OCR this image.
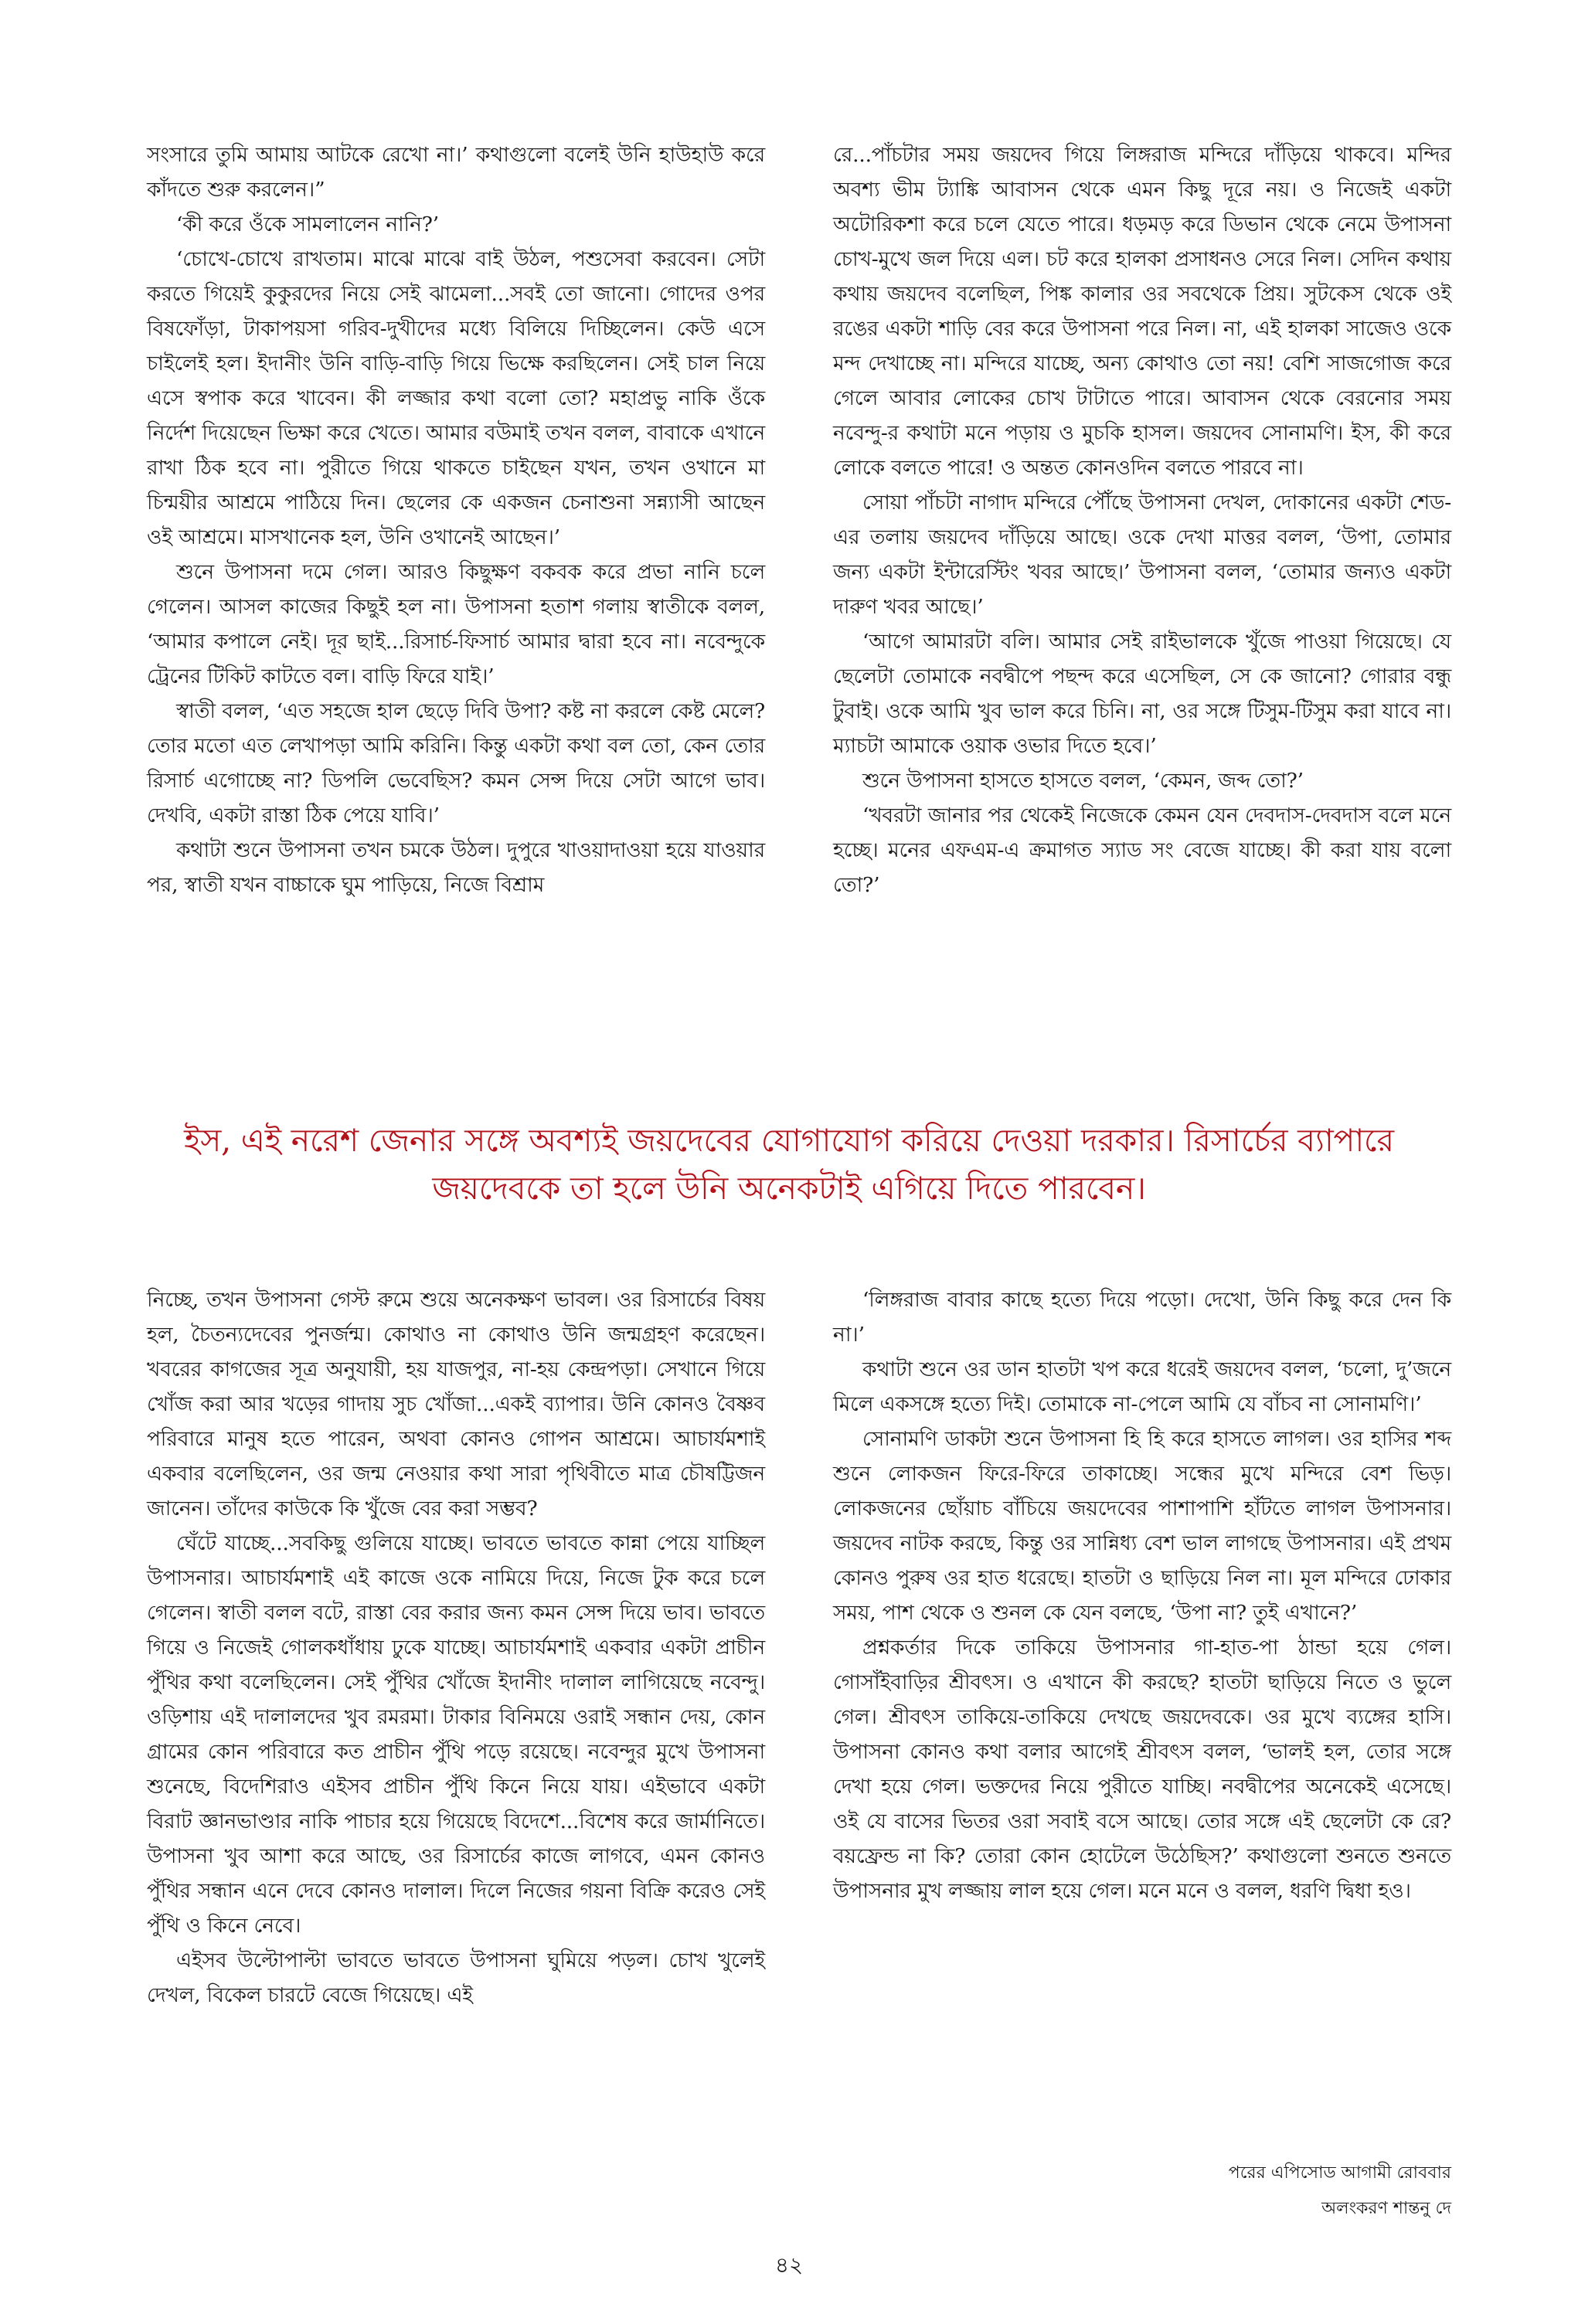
সংসারে তুমি আমায় আটকে রেখো না।’ কথাগুলো বলেই উনি হাউহাউ করে কাঁদতে শুরু করলেন।”

‘কী করে ওঁকে সামলালেন নানি?’

‘চোখে-চোখে রাখতাম। মাঝে মাঝে বাই উঠল, পশুসেবা করবেন। সেটা করতে গিয়েই কুকুরদের নিয়ে সেই ঝামেলা...সবই তো জানো। গোদের ওপর বিষফোঁড়া, টাকাপয়সা গরিব-দুখীদের মধ্যে বিলিয়ে দিচ্ছিলেন। কেউ এসে চাইলেই হল। ইদানীং উনি বাড়ি-বাড়ি গিয়ে ভিক্ষে করছিলেন। সেই চাল নিয়ে এসে স্বপাক করে খাবেন। কী লজ্জার কথা বলো তো? মহাপ্রভু নাকি ওঁকে নির্দেশ দিয়েছেন ভিক্ষা করে খেতে। আমার বউমাই তখন বলল, বাবাকে এখানে রাখা ঠিক হবে না। পুরীতে গিয়ে থাকতে চাইছেন যখন, তখন ওখানে মা চিন্ময়ীর আশ্রমে পাঠিয়ে দিন। ছেলের কে একজন চেনাশুনা সন্ন্যাসী আছেন ওই আশ্রমে। মাসখানেক হল, উনি ওখানেই আছেন।’

শুনে উপাসনা দমে গেল। আরও কিছুক্ষণ বকবক করে প্রভা নানি চলে গেলেন। আসল কাজের কিছুই হল না। উপাসনা হতাশ গলায় স্বাতীকে বলল, ‘আমার কপালে নেই। দূর ছাই...রিসার্চ-ফিসার্চ আমার দ্বারা হবে না। নবেন্দুকে ট্রেনের টিকিট কাটতে বল। বাড়ি ফিরে যাই।’

স্বাতী বলল, ‘এত সহজে হাল ছেড়ে দিবি উপা? কষ্ট না করলে কেষ্ট মেলে? তোর মতো এত লেখাপড়া আমি করিনি। কিন্তু একটা কথা বল তো, কেন তোর রিসার্চ এগোচ্ছে না? ডিপলি ভেবেছিস? কমন সেন্স দিয়ে সেটা আগে ভাব। দেখবি, একটা রাস্তা ঠিক পেয়ে যাবি।’

কথাটা শুনে উপাসনা তখন চমকে উঠল। দুপুরে খাওয়াদাওয়া হয়ে যাওয়ার পর, স্বাতী যখন বাচ্চাকে ঘুম পাড়িয়ে, নিজে বিশ্রাম

রে...পাঁচটার সময় জয়দেব গিয়ে লিঙ্গরাজ মন্দিরে দাঁড়িয়ে থাকবে। মন্দির অবশ্য ভীম ট্যাঙ্কি আবাসন থেকে এমন কিছু দূরে নয়। ও নিজেই একটা অটোরিকশা করে চলে যেতে পারে। ধড়মড় করে ডিভান থেকে নেমে উপাসনা চোখ-মুখে জল দিয়ে এল। চট করে হালকা প্রসাধনও সেরে নিল। সেদিন কথায় কথায় জয়দেব বলেছিল, পিঙ্ক কালার ওর সবথেকে প্রিয়। সুটকেস থেকে ওই রঙের একটা শাড়ি বের করে উপাসনা পরে নিল। না, এই হালকা সাজেও ওকে মন্দ দেখাচ্ছে না। মন্দিরে যাচ্ছে, অন্য কোথাও তো নয়! বেশি সাজগোজ করে গেলে আবার লোকের চোখ টাটাতে পারে। আবাসন থেকে বেরনোর সময় নবেন্দু-র কথাটা মনে পড়ায় ও মুচকি হাসল। জয়দেব সোনামণি। ইস, কী করে লোকে বলতে পারে! ও অন্তত কোনওদিন বলতে পারবে না।

সোয়া পাঁচটা নাগাদ মন্দিরে পৌঁছে উপাসনা দেখল, দোকানের একটা শেড-এর তলায় জয়দেব দাঁড়িয়ে আছে। ওকে দেখা মাত্তর বলল, ‘উপা, তোমার জন্য একটা ইন্টারেস্টিং খবর আছে।’ উপাসনা বলল, ‘তোমার জন্যও একটা দারুণ খবর আছে।’

‘আগে আমারটা বলি। আমার সেই রাইভালকে খুঁজে পাওয়া গিয়েছে। যে ছেলেটা তোমাকে নবদ্বীপে পছন্দ করে এসেছিল, সে কে জানো? গোরার বন্ধু টুবাই। ওকে আমি খুব ভাল করে চিনি। না, ওর সঙ্গে টিসুম-টিসুম করা যাবে না। ম্যাচটা আমাকে ওয়াক ওভার দিতে হবে।’

শুনে উপাসনা হাসতে হাসতে বলল, ‘কেমন, জব্দ তো?’

‘খবরটা জানার পর থেকেই নিজেকে কেমন যেন দেবদাস-দেবদাস বলে মনে হচ্ছে। মনের এফএম-এ ক্রমাগত স্যাড সং বেজে যাচ্ছে। কী করা যায় বলো তো?’

ইস, এই নরেশ জেনার সঙ্গে অবশ্যই জয়দেবের যোগাযোগ করিয়ে দেওয়া দরকার। রিসার্চের ব্যাপারে
জয়দেবকে তা হলে উনি অনেকটাই এগিয়ে দিতে পারবেন।

নিচ্ছে, তখন উপাসনা গেস্ট রুমে শুয়ে অনেকক্ষণ ভাবল। ওর রিসার্চের বিষয় হল, চৈতন্যদেবের পুনর্জন্ম। কোথাও না কোথাও উনি জন্মগ্রহণ করেছেন। খবরের কাগজের সূত্র অনুযায়ী, হয় যাজপুর, না-হয় কেন্দ্রপড়া। সেখানে গিয়ে খোঁজ করা আর খড়ের গাদায় সুচ খোঁজা...একই ব্যাপার। উনি কোনও বৈষ্ণব পরিবারে মানুষ হতে পারেন, অথবা কোনও গোপন আশ্রমে। আচার্যমশাই একবার বলেছিলেন, ওর জন্ম নেওয়ার কথা সারা পৃথিবীতে মাত্র চৌষট্টিজন জানেন। তাঁদের কাউকে কি খুঁজে বের করা সম্ভব?

ঘেঁটে যাচ্ছে...সবকিছু গুলিয়ে যাচ্ছে। ভাবতে ভাবতে কান্না পেয়ে যাচ্ছিল উপাসনার। আচার্যমশাই এই কাজে ওকে নামিয়ে দিয়ে, নিজে টুক করে চলে গেলেন। স্বাতী বলল বটে, রাস্তা বের করার জন্য কমন সেন্স দিয়ে ভাব। ভাবতে গিয়ে ও নিজেই গোলকধাঁধায় ঢুকে যাচ্ছে। আচার্যমশাই একবার একটা প্রাচীন পুঁথির কথা বলেছিলেন। সেই পুঁথির খোঁজে ইদানীং দালাল লাগিয়েছে নবেন্দু। ওড়িশায় এই দালালদের খুব রমরমা। টাকার বিনিময়ে ওরাই সন্ধান দেয়, কোন গ্রামের কোন পরিবারে কত প্রাচীন পুঁথি পড়ে রয়েছে। নবেন্দুর মুখে উপাসনা শুনেছে, বিদেশিরাও এইসব প্রাচীন পুঁথি কিনে নিয়ে যায়। এইভাবে একটা বিরাট জ্ঞানভাণ্ডার নাকি পাচার হয়ে গিয়েছে বিদেশে...বিশেষ করে জার্মানিতে। উপাসনা খুব আশা করে আছে, ওর রিসার্চের কাজে লাগবে, এমন কোনও পুঁথির সন্ধান এনে দেবে কোনও দালাল। দিলে নিজের গয়না বিক্রি করেও সেই পুঁথি ও কিনে নেবে।

এইসব উল্টোপাল্টা ভাবতে ভাবতে উপাসনা ঘুমিয়ে পড়ল। চোখ খুলেই দেখল, বিকেল চারটে বেজে গিয়েছে। এই

‘লিঙ্গরাজ বাবার কাছে হত্যে দিয়ে পড়ো। দেখো, উনি কিছু করে দেন কি না।’

কথাটা শুনে ওর ডান হাতটা খপ করে ধরেই জয়দেব বলল, ‘চলো, দু’জনে মিলে একসঙ্গে হত্যে দিই। তোমাকে না-পেলে আমি যে বাঁচব না সোনামণি।’

সোনামণি ডাকটা শুনে উপাসনা হি হি করে হাসতে লাগল। ওর হাসির শব্দ শুনে লোকজন ফিরে-ফিরে তাকাচ্ছে। সন্ধের মুখে মন্দিরে বেশ ভিড়। লোকজনের ছোঁয়াচ বাঁচিয়ে জয়দেবের পাশাপাশি হাঁটতে লাগল উপাসনার। জয়দেব নাটক করছে, কিন্তু ওর সান্নিধ্য বেশ ভাল লাগছে উপাসনার। এই প্রথম কোনও পুরুষ ওর হাত ধরেছে। হাতটা ও ছাড়িয়ে নিল না। মূল মন্দিরে ঢোকার সময়, পাশ থেকে ও শুনল কে যেন বলছে, ‘উপা না? তুই এখানে?’

প্রশ্নকর্তার দিকে তাকিয়ে উপাসনার গা-হাত-পা ঠান্ডা হয়ে গেল। গোসাঁইবাড়ির শ্রীবৎস। ও এখানে কী করছে? হাতটা ছাড়িয়ে নিতে ও ভুলে গেল। শ্রীবৎস তাকিয়ে-তাকিয়ে দেখছে জয়দেবকে। ওর মুখে ব্যঙ্গের হাসি। উপাসনা কোনও কথা বলার আগেই শ্রীবৎস বলল, ‘ভালই হল, তোর সঙ্গে দেখা হয়ে গেল। ভক্তদের নিয়ে পুরীতে যাচ্ছি। নবদ্বীপের অনেকেই এসেছে। ওই যে বাসের ভিতর ওরা সবাই বসে আছে। তোর সঙ্গে এই ছেলেটা কে রে? বয়ফ্রেন্ড না কি? তোরা কোন হোটেলে উঠেছিস?’ কথাগুলো শুনতে শুনতে উপাসনার মুখ লজ্জায় লাল হয়ে গেল। মনে মনে ও বলল, ধরণি দ্বিধা হও।

পরের এপিসোড আগামী রোববার
অলংকরণ শান্তনু দে
৪২
